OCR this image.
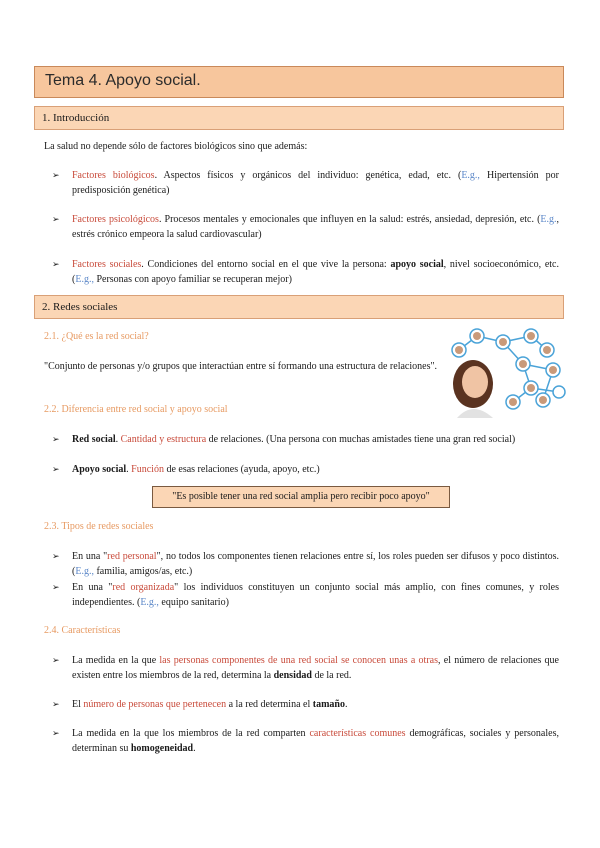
Tema 4. Apoyo social.
1. Introducción
La salud no depende sólo de factores biológicos sino que además:
➢ Factores biológicos. Aspectos físicos y orgánicos del individuo: genética, edad, etc. (E.g., Hipertensión por predisposición genética)
➢ Factores psicológicos. Procesos mentales y emocionales que influyen en la salud: estrés, ansiedad, depresión, etc. (E.g., estrés crónico empeora la salud cardiovascular)
➢ Factores sociales. Condiciones del entorno social en el que vive la persona: apoyo social, nivel socioeconómico, etc. (E.g., Personas con apoyo familiar se recuperan mejor)
2. Redes sociales
2.1. ¿Qué es la red social?
"Conjunto de personas y/o grupos que interactúan entre sí formando una estructura de relaciones".
2.2. Diferencia entre red social y apoyo social
➢ Red social. Cantidad y estructura de relaciones. (Una persona con muchas amistades tiene una gran red social)
➢ Apoyo social. Función de esas relaciones (ayuda, apoyo, etc.)
"Es posible tener una red social amplia pero recibir poco apoyo"
2.3. Tipos de redes sociales
➢ En una "red personal", no todos los componentes tienen relaciones entre sí, los roles pueden ser difusos y poco distintos. (E.g., familia, amigos/as, etc.)
➢ En una "red organizada" los individuos constituyen un conjunto social más amplio, con fines comunes, y roles independientes. (E.g., equipo sanitario)
2.4. Características
➢ La medida en la que las personas componentes de una red social se conocen unas a otras, el número de relaciones que existen entre los miembros de la red, determina la densidad de la red.
➢ El número de personas que pertenecen a la red determina el tamaño.
➢ La medida en la que los miembros de la red comparten características comunes demográficas, sociales y personales, determinan su homogeneidad.
